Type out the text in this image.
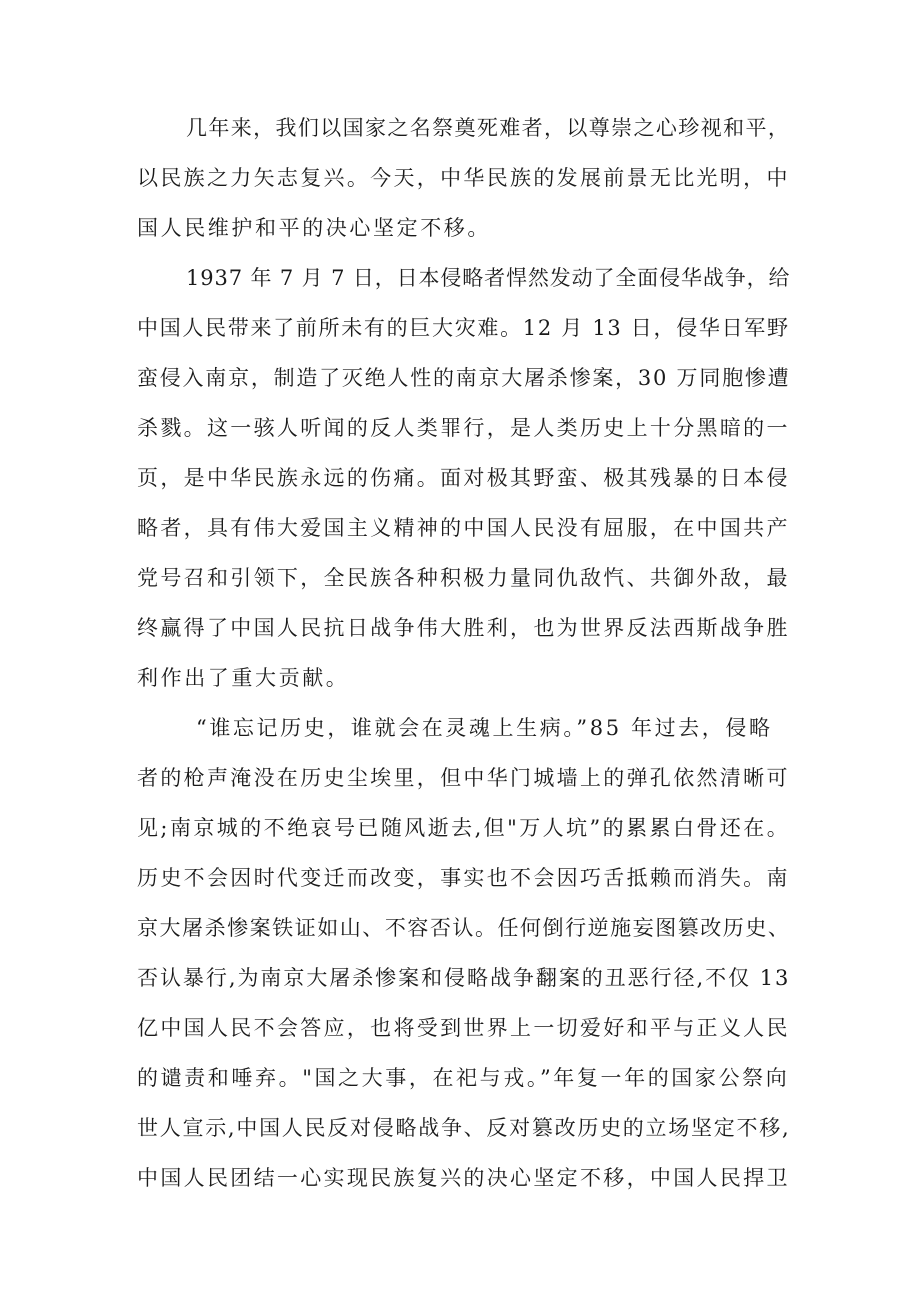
几年来，我们以国家之名祭奠死难者，以尊崇之心珍视和平，
以民族之力矢志复兴。今天，中华民族的发展前景无比光明，中
国人民维护和平的决心坚定不移。
1937 年 7 月 7 日，日本侵略者悍然发动了全面侵华战争，给
中国人民带来了前所未有的巨大灾难。12 月 13 日，侵华日军野
蛮侵入南京，制造了灭绝人性的南京大屠杀惨案，30 万同胞惨遭
杀戮。这一骇人听闻的反人类罪行，是人类历史上十分黑暗的一
页，是中华民族永远的伤痛。面对极其野蛮、极其残暴的日本侵
略者，具有伟大爱国主义精神的中国人民没有屈服，在中国共产
党号召和引领下，全民族各种积极力量同仇敌忾、共御外敌，最
终赢得了中国人民抗日战争伟大胜利，也为世界反法西斯战争胜
利作出了重大贡献。
“谁忘记历史，谁就会在灵魂上生病。”85 年过去，侵略
者的枪声淹没在历史尘埃里，但中华门城墙上的弹孔依然清晰可
见;南京城的不绝哀号已随风逝去,但"万人坑”的累累白骨还在。
历史不会因时代变迁而改变，事实也不会因巧舌抵赖而消失。南
京大屠杀惨案铁证如山、不容否认。任何倒行逆施妄图篡改历史、
否认暴行,为南京大屠杀惨案和侵略战争翻案的丑恶行径,不仅 13
亿中国人民不会答应，也将受到世界上一切爱好和平与正义人民
的谴责和唾弃。"国之大事，在祀与戎。”年复一年的国家公祭向
世人宣示,中国人民反对侵略战争、反对篡改历史的立场坚定不移,
中国人民团结一心实现民族复兴的决心坚定不移，中国人民捍卫
